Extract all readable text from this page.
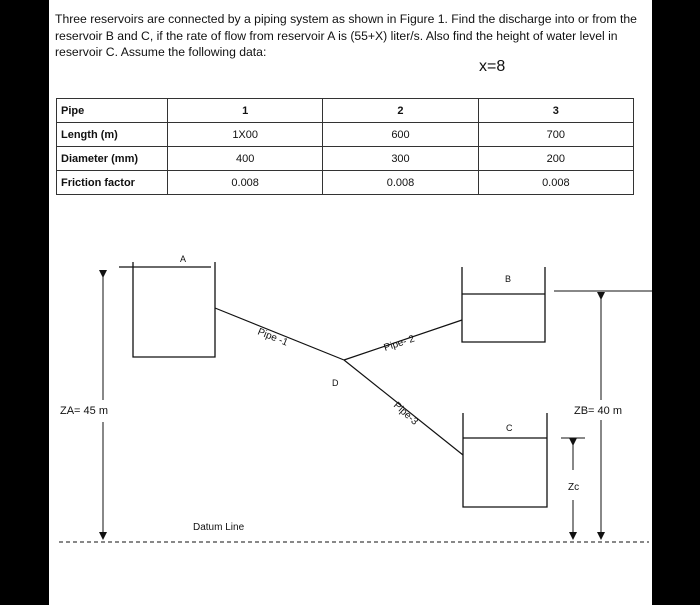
Three reservoirs are connected by a piping system as shown in Figure 1. Find the discharge into or from the reservoir B and C, if the rate of flow from reservoir A is (55+X) liter/s. Also find the height of water level in reservoir C. Assume the following data:

x=8
Pipe	1	2	3
Length (m)	1X00	600	700
Diameter (mm)	400	300	200
Friction factor	0.008	0.008	0.008
A
B
C
Pipe -1	Pipe- 2
Pipe-3
D
ZA= 45 m	ZB= 40 m
Zc
Datum Line
